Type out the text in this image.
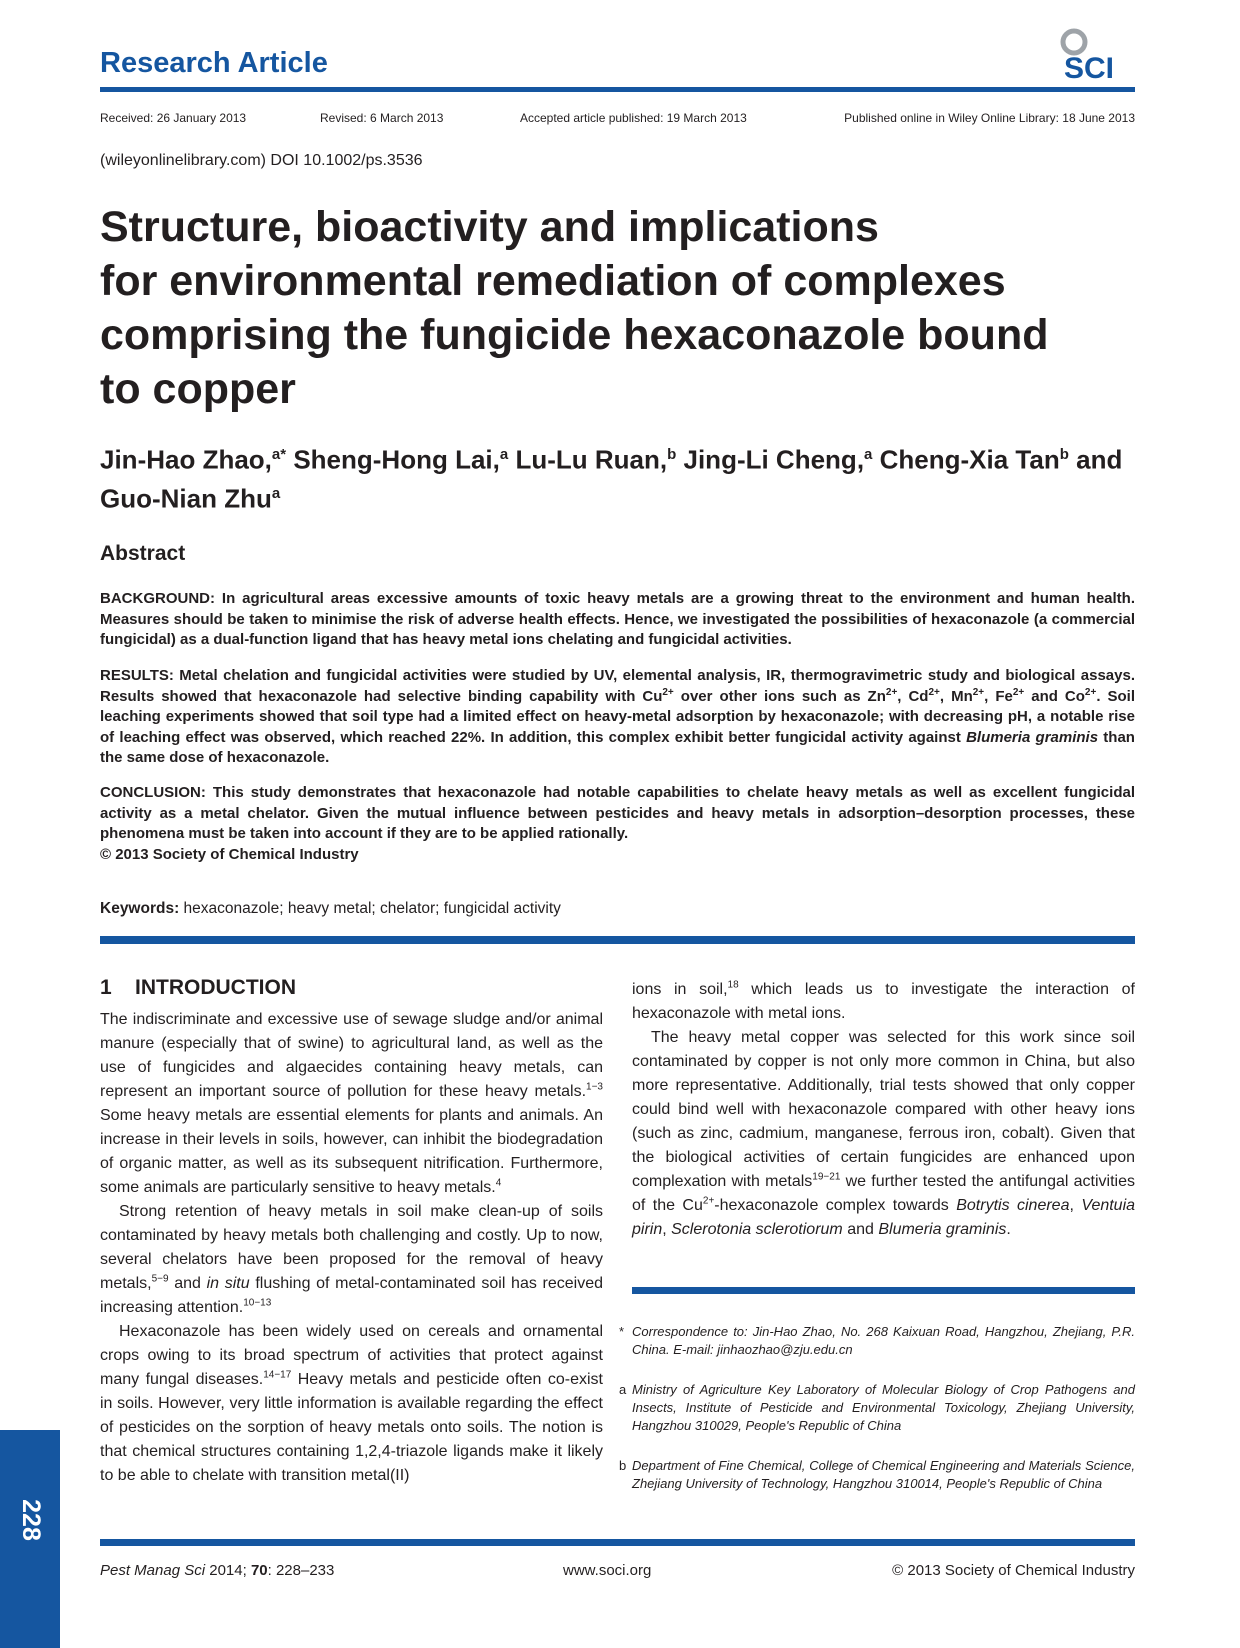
Research Article	SCI
Received: 26 January 2013	Revised: 6 March 2013	Accepted article published: 19 March 2013	Published online in Wiley Online Library: 18 June 2013
(wileyonlinelibrary.com) DOI 10.1002/ps.3536
Structure, bioactivity and implications
for environmental remediation of complexes
comprising the fungicide hexaconazole bound
to copper
Jin-Hao Zhao,$^{a*}$ Sheng-Hong Lai,$^a$ Lu-Lu Ruan,$^b$ Jing-Li Cheng,$^a$ Cheng-Xia Tan$^b$ and Guo-Nian Zhu$^a$
Abstract
BACKGROUND: In agricultural areas excessive amounts of toxic heavy metals are a growing threat to the environment and human health. Measures should be taken to minimise the risk of adverse health effects. Hence, we investigated the possibilities of hexaconazole (a commercial fungicidal) as a dual-function ligand that has heavy metal ions chelating and fungicidal activities.
RESULTS: Metal chelation and fungicidal activities were studied by UV, elemental analysis, IR, thermogravimetric study and biological assays. Results showed that hexaconazole had selective binding capability with $Cu^{2+}$ over other ions such as $Zn^{2+}$, $Cd^{2+}$, $Mn^{2+}$, $Fe^{2+}$ and $Co^{2+}$. Soil leaching experiments showed that soil type had a limited effect on heavy-metal adsorption by hexaconazole; with decreasing pH, a notable rise of leaching effect was observed, which reached 22%. In addition, this complex exhibit better fungicidal activity against Blumeria graminis than the same dose of hexaconazole.
CONCLUSION: This study demonstrates that hexaconazole had notable capabilities to chelate heavy metals as well as excellent fungicidal activity as a metal chelator. Given the mutual influence between pesticides and heavy metals in adsorption–desorption processes, these phenomena must be taken into account if they are to be applied rationally.
© 2013 Society of Chemical Industry
Keywords: hexaconazole; heavy metal; chelator; fungicidal activity
1    INTRODUCTION

The indiscriminate and excessive use of sewage sludge and/or animal manure (especially that of swine) to agricultural land, as well as the use of fungicides and algaecides containing heavy metals, can represent an important source of pollution for these heavy metals.$^{1-3}$ Some heavy metals are essential elements for plants and animals. An increase in their levels in soils, however, can inhibit the biodegradation of organic matter, as well as its subsequent nitrification. Furthermore, some animals are particularly sensitive to heavy metals.$^4$

Strong retention of heavy metals in soil make clean-up of soils contaminated by heavy metals both challenging and costly. Up to now, several chelators have been proposed for the removal of heavy metals,$^{5-9}$ and in situ flushing of metal-contaminated soil has received increasing attention.$^{10-13}$

Hexaconazole has been widely used on cereals and ornamental crops owing to its broad spectrum of activities that protect against many fungal diseases.$^{14-17}$ Heavy metals and pesticide often co-exist in soils. However, very little information is available regarding the effect of pesticides on the sorption of heavy metals onto soils. The notion is that chemical structures containing 1,2,4-triazole ligands make it likely to be able to chelate with transition metal(II)

ions in soil,$^{18}$ which leads us to investigate the interaction of hexaconazole with metal ions.

The heavy metal copper was selected for this work since soil contaminated by copper is not only more common in China, but also more representative. Additionally, trial tests showed that only copper could bind well with hexaconazole compared with other heavy ions (such as zinc, cadmium, manganese, ferrous iron, cobalt). Given that the biological activities of certain fungicides are enhanced upon complexation with metals$^{19-21}$ we further tested the antifungal activities of the $Cu^{2+}$-hexaconazole complex towards Botrytis cinerea, Ventuia pirin, Sclerotonia sclerotiorum and Blumeria graminis.

* Correspondence to: Jin-Hao Zhao, No. 268 Kaixuan Road, Hangzhou, Zhejiang, P.R. China. E-mail: jinhaozhao@zju.edu.cn
a Ministry of Agriculture Key Laboratory of Molecular Biology of Crop Pathogens and Insects, Institute of Pesticide and Environmental Toxicology, Zhejiang University, Hangzhou 310029, People's Republic of China
b Department of Fine Chemical, College of Chemical Engineering and Materials Science, Zhejiang University of Technology, Hangzhou 310014, People's Republic of China
228
Pest Manag Sci 2014; 70: 228–233	www.soci.org	© 2013 Society of Chemical Industry
